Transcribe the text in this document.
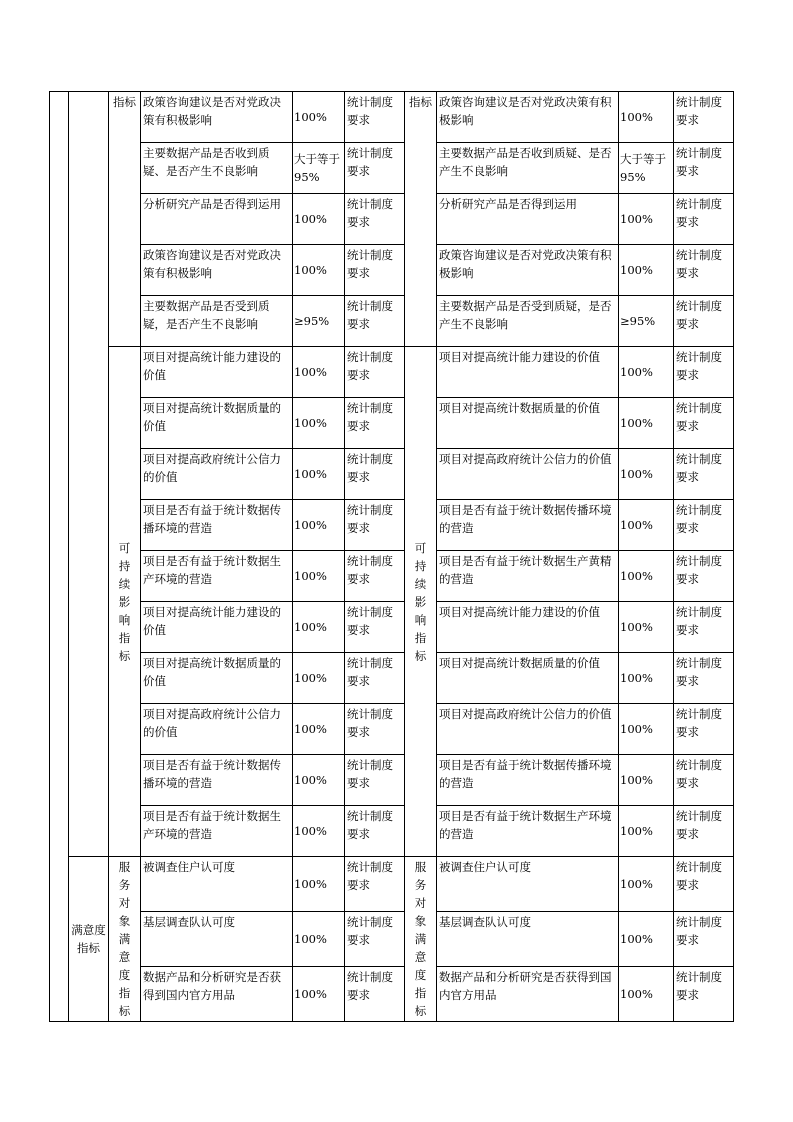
		指标	政策咨询建议是否对党政决策有积极影响	100%	统计制度要求	指标	政策咨询建议是否对党政决策有积极影响	100%	统计制度要求

			主要数据产品是否收到质疑、是否产生不良影响	大于等于95%	统计制度要求		主要数据产品是否收到质疑、是否产生不良影响	大于等于95%	统计制度要求

			分析研究产品是否得到运用	100%	统计制度要求		分析研究产品是否得到运用	100%	统计制度要求

			政策咨询建议是否对党政决策有积极影响	100%	统计制度要求		政策咨询建议是否对党政决策有积极影响	100%	统计制度要求

			主要数据产品是否受到质疑，是否产生不良影响	≥95%	统计制度要求		主要数据产品是否受到质疑，是否产生不良影响	≥95%	统计制度要求

		可持续影响指标	项目对提高统计能力建设的价值	100%	统计制度要求	可持续影响指标	项目对提高统计能力建设的价值	100%	统计制度要求

			项目对提高统计数据质量的价值	100%	统计制度要求		项目对提高统计数据质量的价值	100%	统计制度要求

			项目对提高政府统计公信力的价值	100%	统计制度要求		项目对提高政府统计公信力的价值	100%	统计制度要求

			项目是否有益于统计数据传播环境的营造	100%	统计制度要求		项目是否有益于统计数据传播环境的营造	100%	统计制度要求

			项目是否有益于统计数据生产环境的营造	100%	统计制度要求		项目是否有益于统计数据生产黄精的营造	100%	统计制度要求

			项目对提高统计能力建设的价值	100%	统计制度要求		项目对提高统计能力建设的价值	100%	统计制度要求

			项目对提高统计数据质量的价值	100%	统计制度要求		项目对提高统计数据质量的价值	100%	统计制度要求

			项目对提高政府统计公信力的价值	100%	统计制度要求		项目对提高政府统计公信力的价值	100%	统计制度要求

			项目是否有益于统计数据传播环境的营造	100%	统计制度要求		项目是否有益于统计数据传播环境的营造	100%	统计制度要求

			项目是否有益于统计数据生产环境的营造	100%	统计制度要求		项目是否有益于统计数据生产环境的营造	100%	统计制度要求

	满意度指标	服务对象满意度指标	被调查住户认可度	100%	统计制度要求	服务对象满意度指标	被调查住户认可度	100%	统计制度要求

			基层调查队认可度	100%	统计制度要求		基层调查队认可度	100%	统计制度要求

			数据产品和分析研究是否获得到国内官方用品	100%	统计制度要求		数据产品和分析研究是否获得到国内官方用品	100%	统计制度要求
